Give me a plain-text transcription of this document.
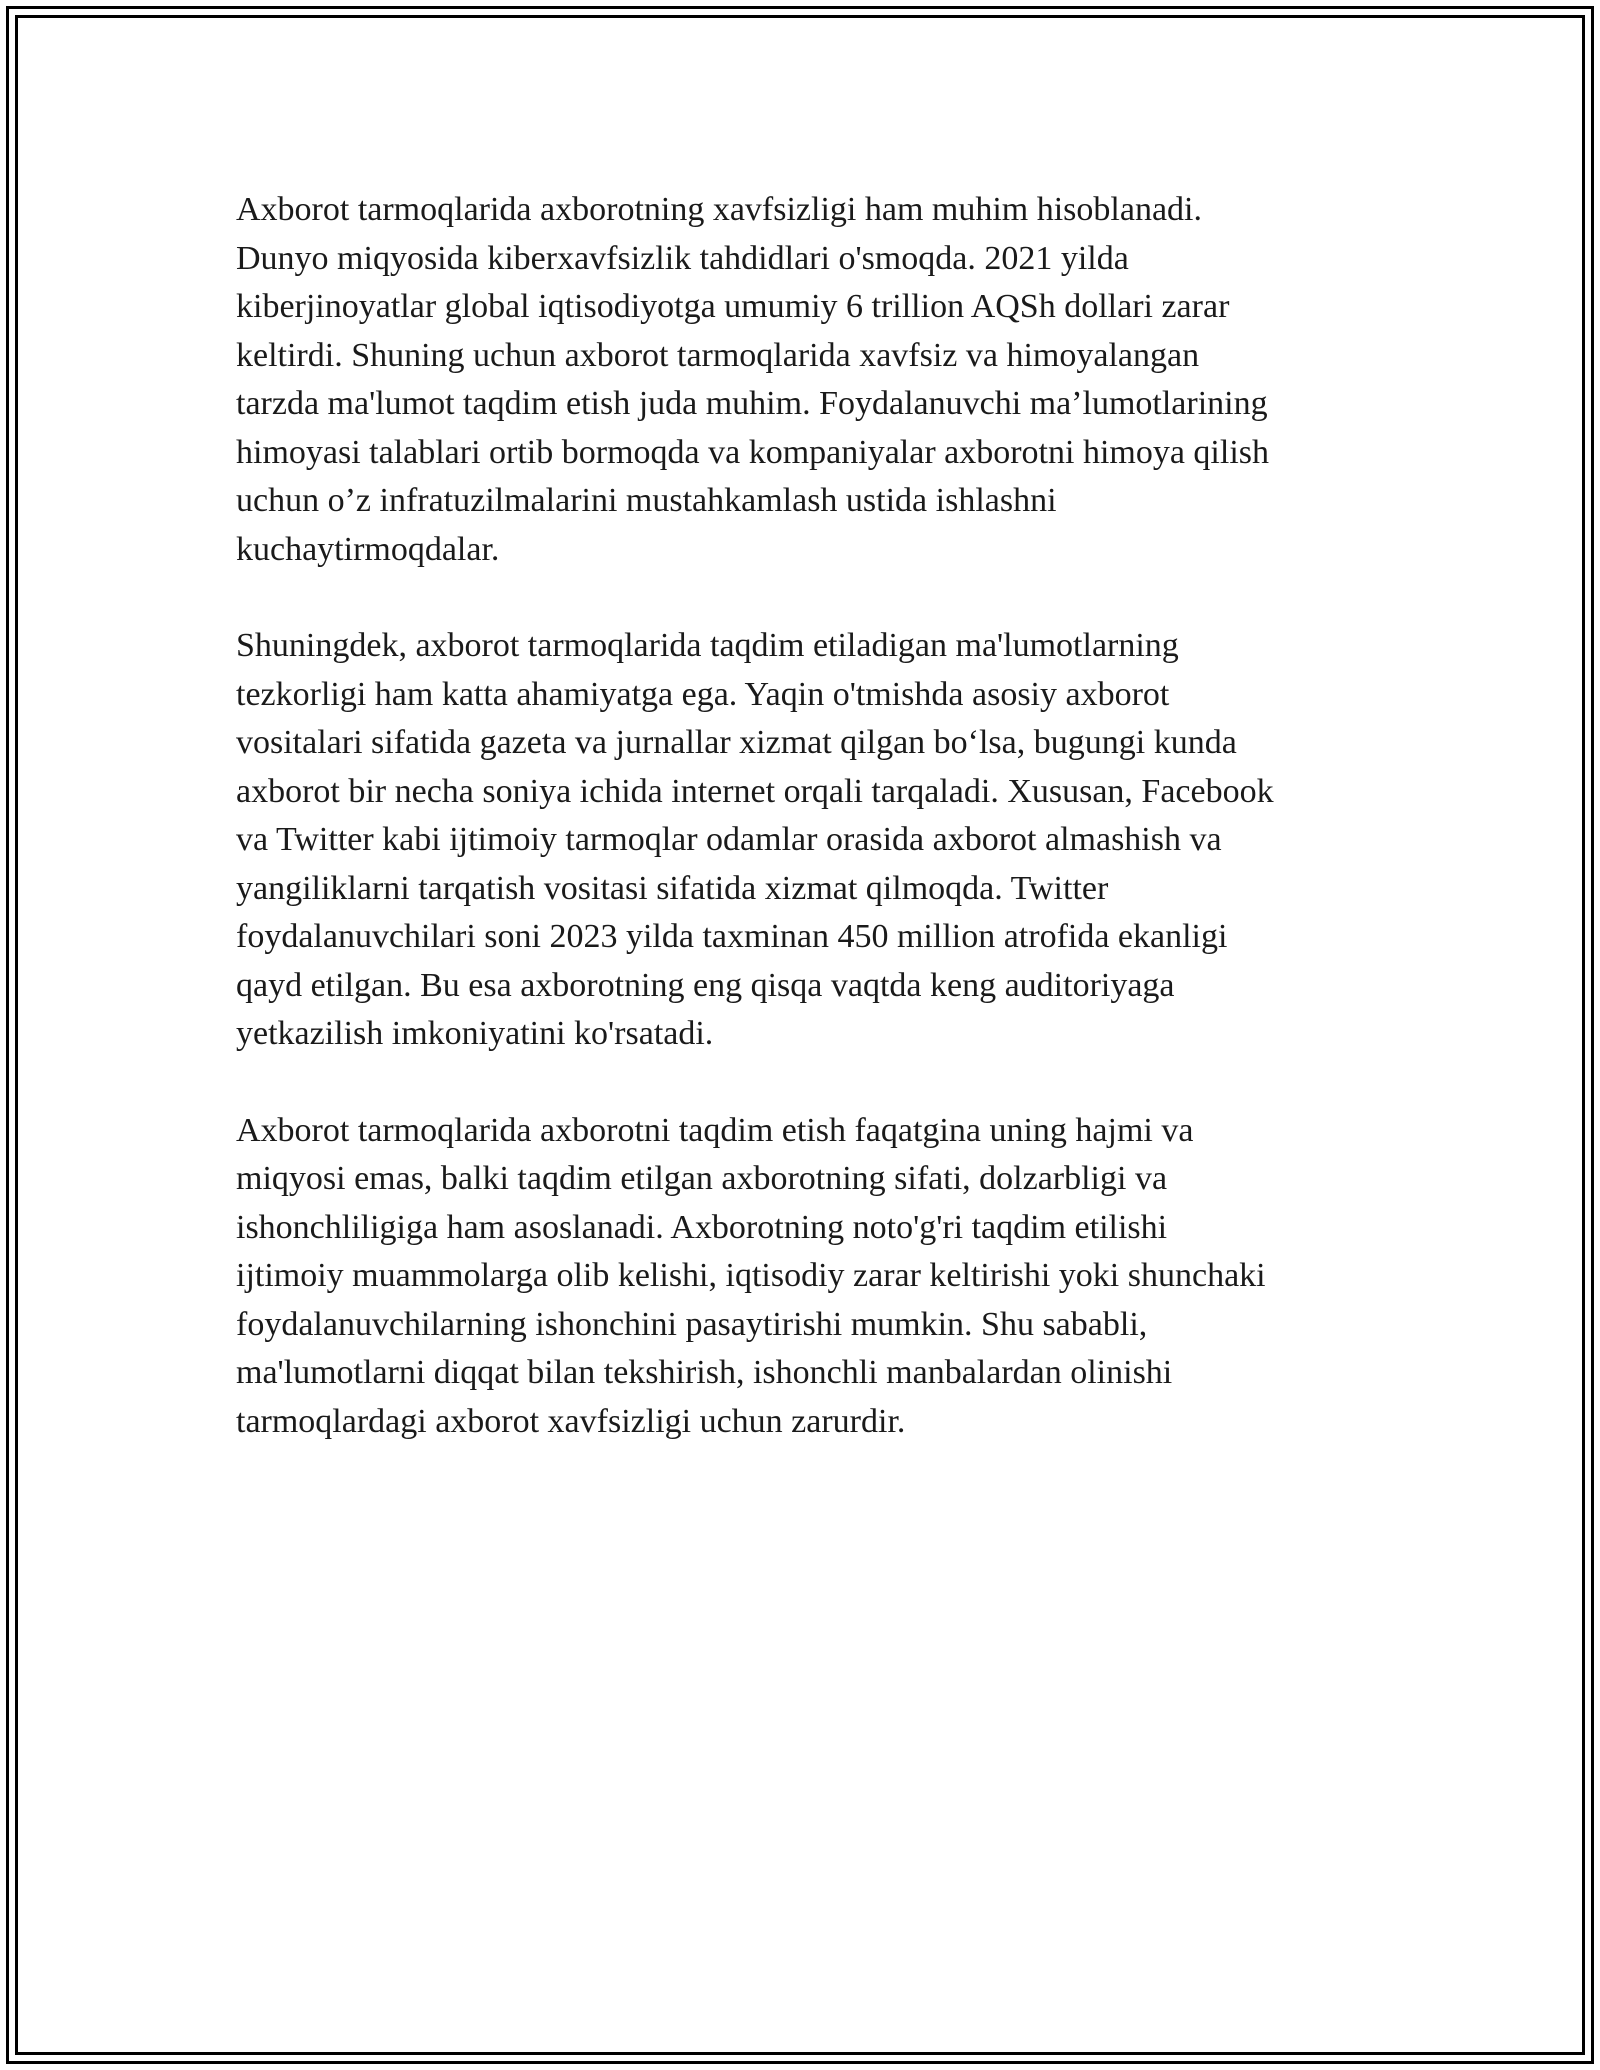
Axborot tarmoqlarida axborotning xavfsizligi ham muhim hisoblanadi.
Dunyo miqyosida kiberxavfsizlik tahdidlari o'smoqda. 2021 yilda
kiberjinoyatlar global iqtisodiyotga umumiy 6 trillion AQSh dollari zarar
keltirdi. Shuning uchun axborot tarmoqlarida xavfsiz va himoyalangan
tarzda ma'lumot taqdim etish juda muhim. Foydalanuvchi ma’lumotlarining
himoyasi talablari ortib bormoqda va kompaniyalar axborotni himoya qilish
uchun o’z infratuzilmalarini mustahkamlash ustida ishlashni
kuchaytirmoqdalar.

Shuningdek, axborot tarmoqlarida taqdim etiladigan ma'lumotlarning
tezkorligi ham katta ahamiyatga ega. Yaqin o'tmishda asosiy axborot
vositalari sifatida gazeta va jurnallar xizmat qilgan bo‘lsa, bugungi kunda
axborot bir necha soniya ichida internet orqali tarqaladi. Xususan, Facebook
va Twitter kabi ijtimoiy tarmoqlar odamlar orasida axborot almashish va
yangiliklarni tarqatish vositasi sifatida xizmat qilmoqda. Twitter
foydalanuvchilari soni 2023 yilda taxminan 450 million atrofida ekanligi
qayd etilgan. Bu esa axborotning eng qisqa vaqtda keng auditoriyaga
yetkazilish imkoniyatini ko'rsatadi.

Axborot tarmoqlarida axborotni taqdim etish faqatgina uning hajmi va
miqyosi emas, balki taqdim etilgan axborotning sifati, dolzarbligi va
ishonchliligiga ham asoslanadi. Axborotning noto'g'ri taqdim etilishi
ijtimoiy muammolarga olib kelishi, iqtisodiy zarar keltirishi yoki shunchaki
foydalanuvchilarning ishonchini pasaytirishi mumkin. Shu sababli,
ma'lumotlarni diqqat bilan tekshirish, ishonchli manbalardan olinishi
tarmoqlardagi axborot xavfsizligi uchun zarurdir.
